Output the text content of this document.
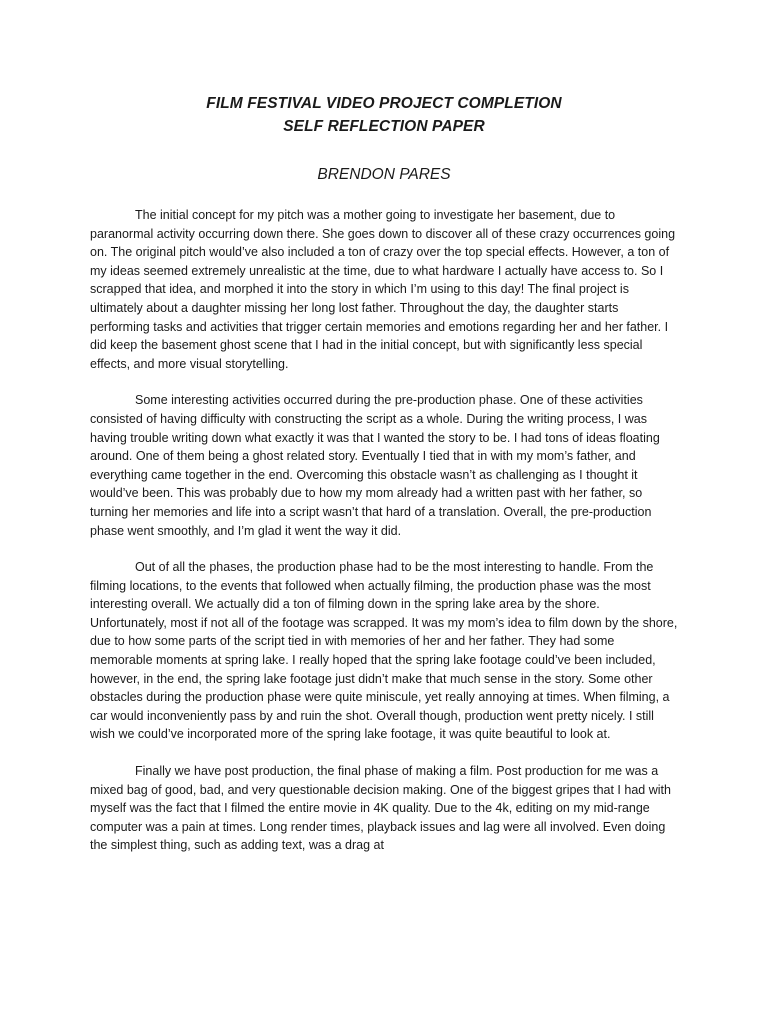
FILM FESTIVAL VIDEO PROJECT COMPLETION
SELF REFLECTION PAPER
BRENDON PARES

The initial concept for my pitch was a mother going to investigate her basement, due to paranormal activity occurring down there. She goes down to discover all of these crazy occurrences going on. The original pitch would’ve also included a ton of crazy over the top special effects. However, a ton of my ideas seemed extremely unrealistic at the time, due to what hardware I actually have access to. So I scrapped that idea, and morphed it into the story in which I’m using to this day! The final project is ultimately about a daughter missing her long lost father. Throughout the day, the daughter starts performing tasks and activities that trigger certain memories and emotions regarding her and her father. I did keep the basement ghost scene that I had in the initial concept, but with significantly less special effects, and more visual storytelling.

Some interesting activities occurred during the pre-production phase. One of these activities consisted of having difficulty with constructing the script as a whole. During the writing process, I was having trouble writing down what exactly it was that I wanted the story to be. I had tons of ideas floating around. One of them being a ghost related story. Eventually I tied that in with my mom’s father, and everything came together in the end. Overcoming this obstacle wasn’t as challenging as I thought it would’ve been. This was probably due to how my mom already had a written past with her father, so turning her memories and life into a script wasn’t that hard of a translation. Overall, the pre-production phase went smoothly, and I’m glad it went the way it did.

Out of all the phases, the production phase had to be the most interesting to handle. From the filming locations, to the events that followed when actually filming, the production phase was the most interesting overall. We actually did a ton of filming down in the spring lake area by the shore. Unfortunately, most if not all of the footage was scrapped. It was my mom’s idea to film down by the shore, due to how some parts of the script tied in with memories of her and her father. They had some memorable moments at spring lake. I really hoped that the spring lake footage could’ve been included, however, in the end, the spring lake footage just didn’t make that much sense in the story. Some other obstacles during the production phase were quite miniscule, yet really annoying at times. When filming, a car would inconveniently pass by and ruin the shot. Overall though, production went pretty nicely. I still wish we could’ve incorporated more of the spring lake footage, it was quite beautiful to look at.

Finally we have post production, the final phase of making a film. Post production for me was a mixed bag of good, bad, and very questionable decision making. One of the biggest gripes that I had with myself was the fact that I filmed the entire movie in 4K quality. Due to the 4k, editing on my mid-range computer was a pain at times. Long render times, playback issues and lag were all involved. Even doing the simplest thing, such as adding text, was a drag at
